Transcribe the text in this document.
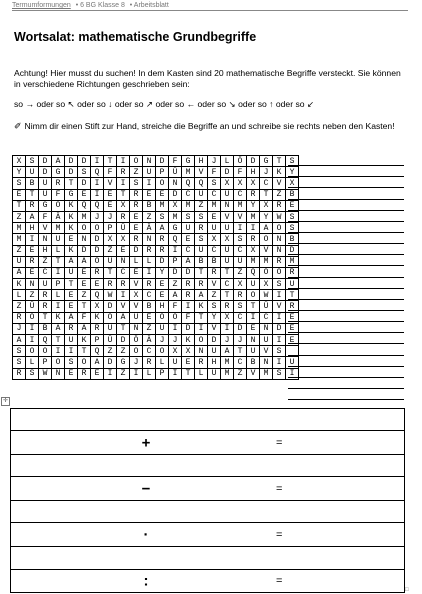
Termumformungen • 6 BG Klasse 8 • Arbeitsblatt
Wortsalat: mathematische Grundbegriffe

Achtung! Hier musst du suchen! In dem Kasten sind 20 mathematische Begriffe versteckt. Sie können in verschiedene Richtungen geschrieben sein:

so → oder so ↖ oder so ↓ oder so ↗ oder so ← oder so ↘ oder so ↑ oder so ↙

✐ Nimm dir einen Stift zur Hand, streiche die Begriffe an und schreibe sie rechts neben den Kasten!

X	S	D	A	D	D	I	T	I	O	N	D	F	G	H	J	L	Ö	D	G	T	S
Y	U	D	G	D	S	Q	F	R	Z	U	P	Ü	M	V	F	D	F	H	J	K	Y
S	B	U	R	T	D	I	V	I	S	I	O	N	Q	Q	S	X	X	X	C	V	X
E	T	U	F	G	E	I	E	T	R	E	E	D	C	U	C	U	C	R	T	Z	B
T	R	G	Ö	K	Q	Q	E	X	R	B	M	X	M	Z	M	N	M	Y	X	R	E
Z	A	F	Ä	K	M	J	J	R	E	Z	S	M	S	S	E	V	V	M	Y	W	S
M	H	V	M	K	O	O	P	Ü	E	Ä	A	G	U	R	U	U	I	I	A	O	S
M	I	N	U	E	N	D	X	X	R	N	R	Q	E	S	X	X	S	R	O	N	B
Z	E	H	L	K	D	D	Z	E	D	R	R	I	C	U	C	U	C	X	V	N	D
Ü	R	Z	T	A	Ä	Ö	Ü	N	L	L	D	P	Ä	B	B	Ü	U	M	M	R	M
A	E	C	I	U	E	R	T	C	E	I	Y	D	D	T	R	T	Z	Q	O	O	R
K	N	U	P	T	E	E	R	R	V	R	E	Z	R	R	V	C	X	U	X	S	U
L	Z	R	L	E	Z	Q	W	I	X	C	E	A	R	A	Z	T	R	O	W	I	T
Z	Ü	R	I	E	T	X	D	V	V	B	H	F	I	K	S	R	S	T	Ü	V	R
R	O	T	K	A	F	K	Ö	Ä	Ü	E	Ö	O	F	T	Y	X	C	I	C	I	E
J	I	B	A	R	A	R	U	T	N	Z	U	I	D	I	V	I	D	E	N	D	E
A	I	Q	T	U	K	P	Ü	D	Ö	Ä	J	J	K	O	D	J	J	N	U	I	E
S	O	O	I	I	T	Q	Z	Z	O	C	O	X	X	N	U	A	T	U	V	S	
S	L	P	O	S	O	A	D	G	J	R	L	U	E	R	H	M	C	B	N	I	U
R	S	W	N	E	R	E	I	Z	I	L	P	I	T	L	U	M	Z	V	M	S	I
✛

+	=

−	=

·	=

:	=
□
